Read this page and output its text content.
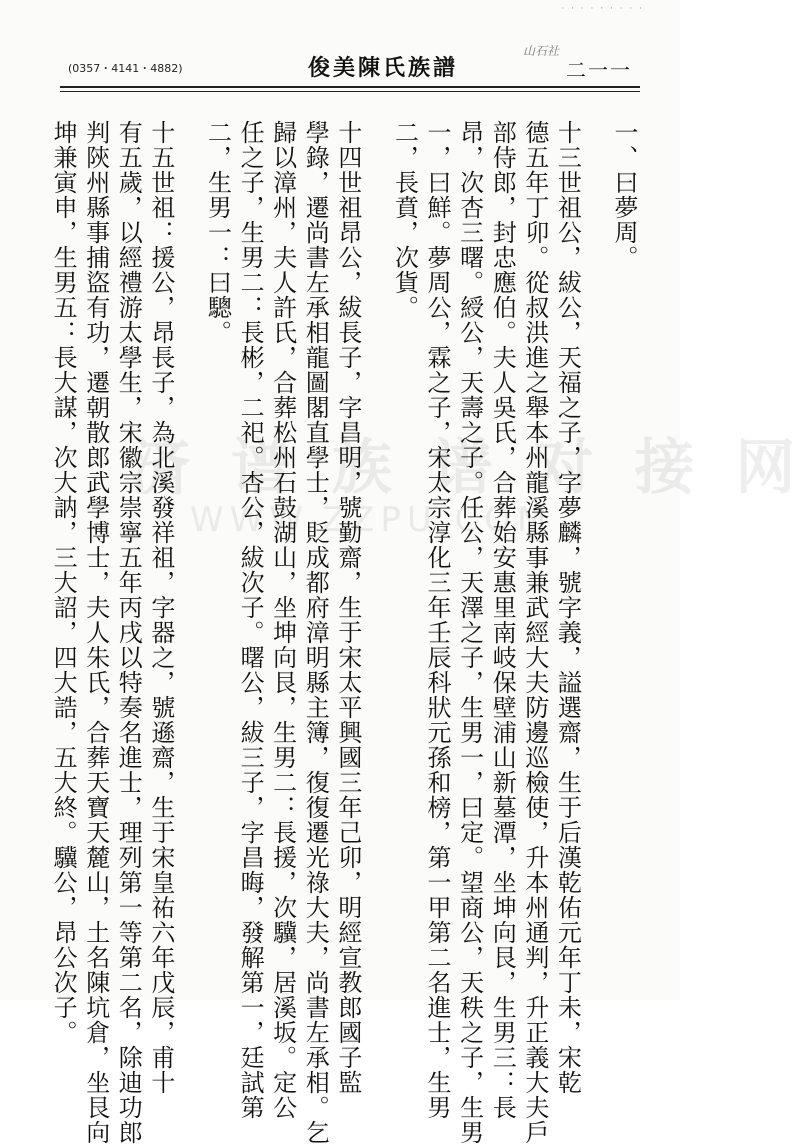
· · · · · · · · ·
(0357・4141・4882)	俊美陳氏族譜	二一一
山石社
済 谱 族 谱 对 接 网
WWW.ZZPU.COM
一、曰夢周。
十三世祖公，紱公，天福之子，字夢麟，號字義，謚選齋，生于后漢乾佑元年丁未，宋乾
德五年丁卯。從叔洪進之舉本州龍溪縣事兼武經大夫防邊巡檢使，升本州通判，升正義大夫戶
部侍郎，封忠應伯。夫人吳氏，合葬始安惠里南岐保壁浦山新墓潭，坐坤向艮，生男三：長
昂，次杏三曙。綬公，天壽之子。任公，天澤之子，生男一，曰定。望商公，天秩之子，生男
一，曰鮮。夢周公，霖之子，宋太宗淳化三年壬辰科狀元孫和榜，第一甲第二名進士，生男
二，長賁，次貨。
十四世祖昂公，紱長子，字昌明，號勤齋，生于宋太平興國三年己卯，明經宣教郎國子監
學錄，遷尚書左承相龍圖閣直學士，貶成都府漳明縣主簿，復復遷光祿大夫，尚書左承相。乞
歸以漳州，夫人許氏，合葬松州石鼓湖山，坐坤向艮，生男二：長援，次驥，居溪坂。定公
任之子，生男二：長彬，二祀。杏公，紱次子。曙公，紱三子，字昌晦，發解第一，廷試第
二，生男一：曰驄。
十五世祖：援公，昂長子，為北溪發祥祖，字器之，號遜齋，生于宋皇祐六年戊辰，甫十
有五歲，以經禮游太學生，宋徽宗崇寧五年丙戌以特奏名進士，理列第一等第二名，除迪功郎
判陝州縣事捕盜有功，遷朝散郎武學博士，夫人朱氏，合葬天寶天麓山，土名陳坑倉，坐艮向
坤兼寅申，生男五：長大謀，次大訥，三大詔，四大誥，五大終。驥公，昂公次子。
